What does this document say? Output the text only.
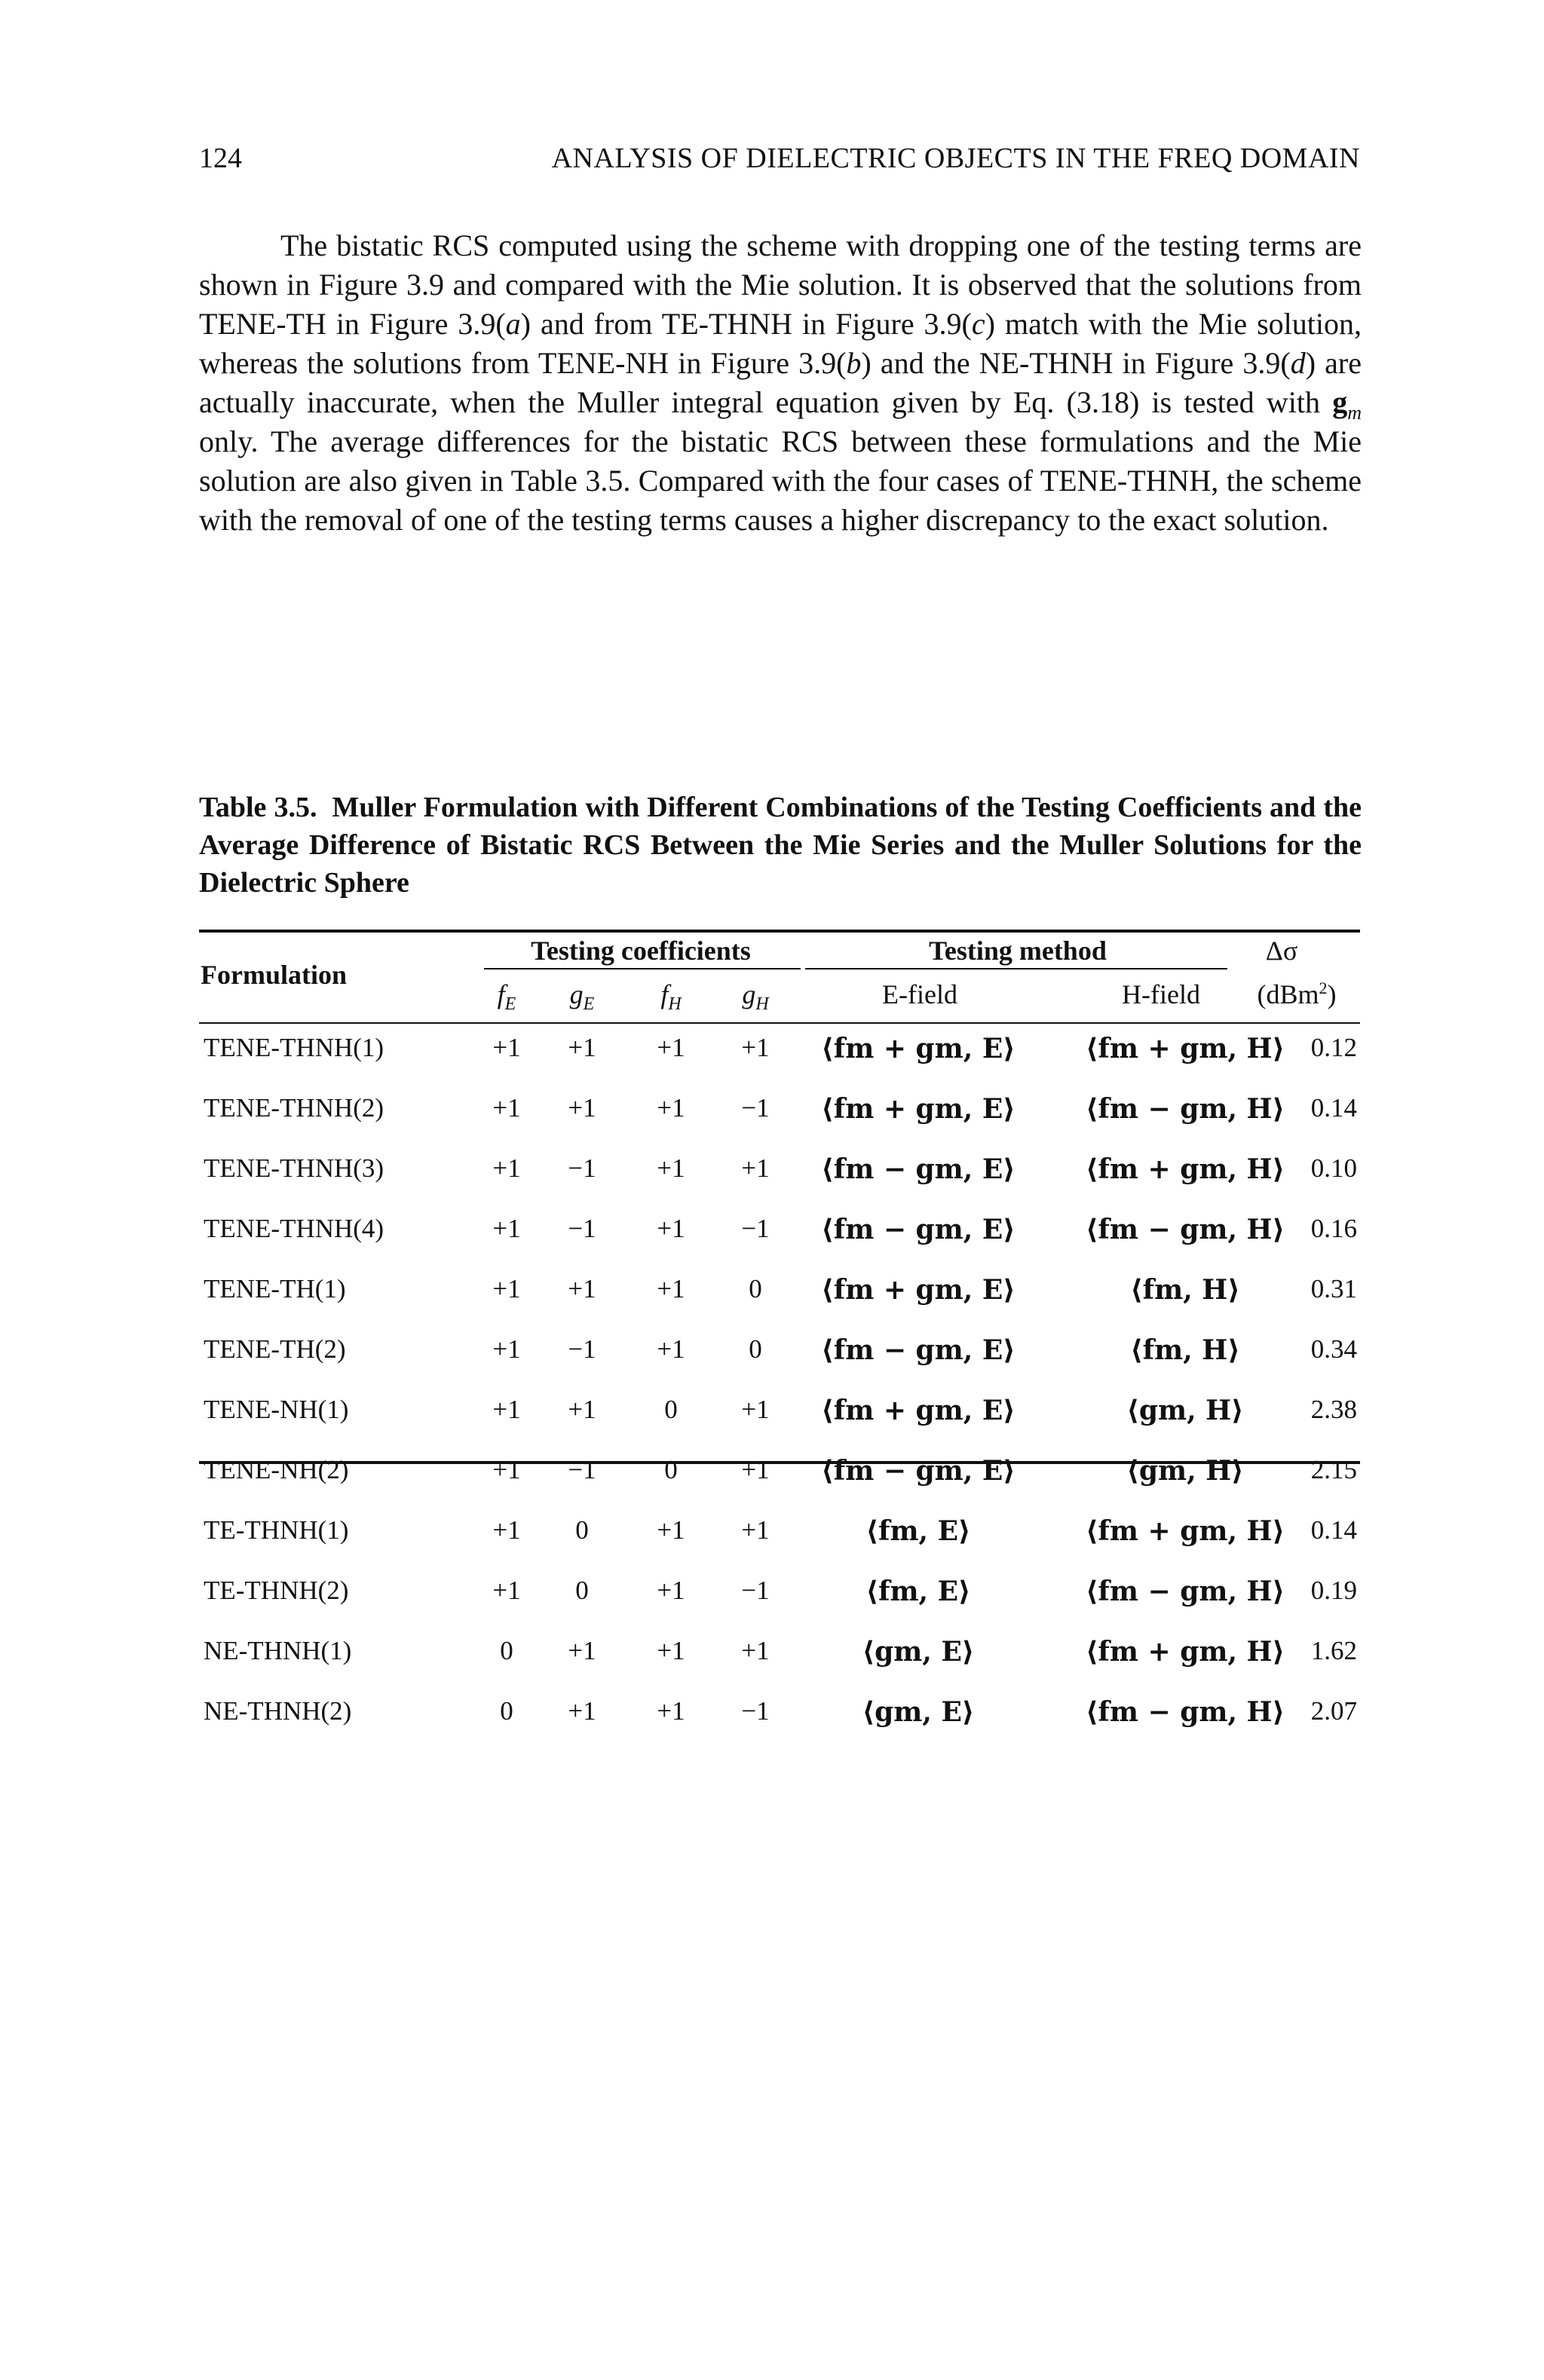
124	ANALYSIS OF DIELECTRIC OBJECTS IN THE FREQ DOMAIN

The bistatic RCS computed using the scheme with dropping one of the testing terms are shown in Figure 3.9 and compared with the Mie solution. It is observed that the solutions from TENE-TH in Figure 3.9(a) and from TE-THNH in Figure 3.9(c) match with the Mie solution, whereas the solutions from TENE-NH in Figure 3.9(b) and the NE-THNH in Figure 3.9(d) are actually inaccurate, when the Muller integral equation given by Eq. (3.18) is tested with $g_m$ only. The average differences for the bistatic RCS between these formulations and the Mie solution are also given in Table 3.5. Compared with the four cases of TENE-THNH, the scheme with the removal of one of the testing terms causes a higher discrepancy to the exact solution.

Table 3.5. Muller Formulation with Different Combinations of the Testing Coefficients and the Average Difference of Bistatic RCS Between the Mie Series and the Muller Solutions for the Dielectric Sphere

Formulation
Testing coefficients	Testing method	Δσ
$f_E$	$g_E$	$f_H$	$g_H$	E-field	H-field	(dBm$^2$)
TENE-THNH(1)	+1	+1	+1	+1	⟨fm + gm, E⟩	⟨fm + gm, H⟩ 0.12
TENE-THNH(2)	+1	+1	+1	−1	⟨fm + gm, E⟩	⟨fm − gm, H⟩ 0.14
TENE-THNH(3)	+1	−1	+1	+1	⟨fm − gm, E⟩	⟨fm + gm, H⟩ 0.10
TENE-THNH(4)	+1	−1	+1	−1	⟨fm − gm, E⟩	⟨fm − gm, H⟩ 0.16
TENE-TH(1)	+1	+1	+1	0	⟨fm + gm, E⟩	⟨fm, H⟩	0.31
TENE-TH(2)	+1	−1	+1	0	⟨fm − gm, E⟩	⟨fm, H⟩	0.34
TENE-NH(1)	+1	+1	0	+1	⟨fm + gm, E⟩	⟨gm, H⟩	2.38
TENE-NH(2)	+1	−1	0	+1	⟨fm − gm, E⟩	⟨gm, H⟩	2.15
TE-THNH(1)	+1	0	+1	+1	⟨fm, E⟩	⟨fm + gm, H⟩ 0.14
TE-THNH(2)	+1	0	+1	−1	⟨fm, E⟩	⟨fm − gm, H⟩ 0.19
NE-THNH(1)	0	+1	+1	+1	⟨gm, E⟩	⟨fm + gm, H⟩ 1.62
NE-THNH(2)	0	+1	+1	−1	⟨gm, E⟩	⟨fm − gm, H⟩ 2.07
